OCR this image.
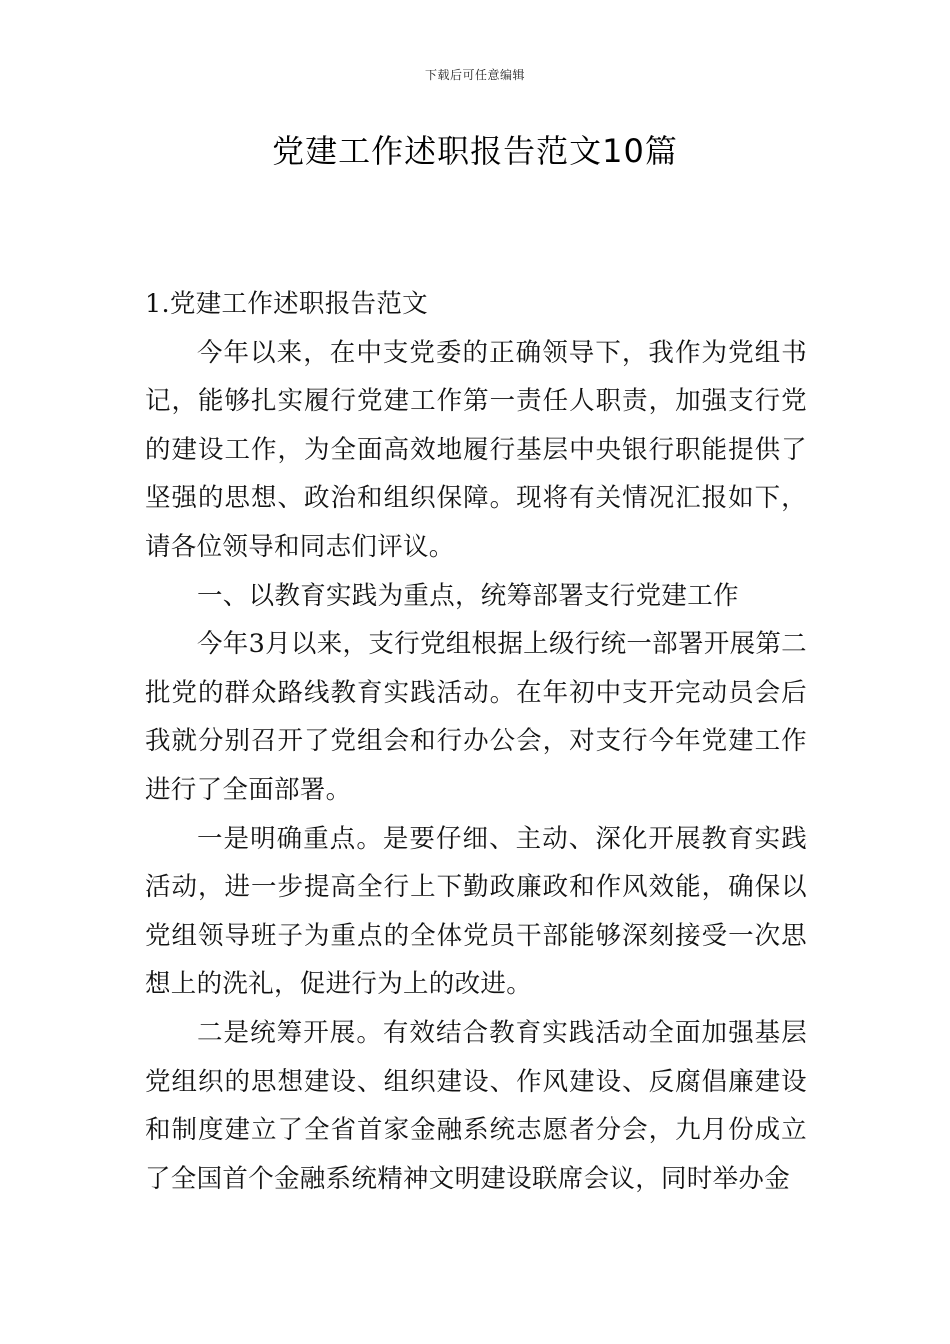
下载后可任意编辑
党建工作述职报告范文10篇

1.党建工作述职报告范文

今年以来，在中支党委的正确领导下，我作为党组书记，能够扎实履行党建工作第一责任人职责，加强支行党的建设工作，为全面高效地履行基层中央银行职能提供了坚强的思想、政治和组织保障。现将有关情况汇报如下，请各位领导和同志们评议。

一、以教育实践为重点，统筹部署支行党建工作

今年3月以来，支行党组根据上级行统一部署开展第二批党的群众路线教育实践活动。在年初中支开完动员会后我就分别召开了党组会和行办公会，对支行今年党建工作进行了全面部署。

一是明确重点。是要仔细、主动、深化开展教育实践活动，进一步提高全行上下勤政廉政和作风效能，确保以党组领导班子为重点的全体党员干部能够深刻接受一次思想上的洗礼，促进行为上的改进。

二是统筹开展。有效结合教育实践活动全面加强基层党组织的思想建设、组织建设、作风建设、反腐倡廉建设和制度建立了全省首家金融系统志愿者分会，九月份成立了全国首个金融系统精神文明建设联席会议，同时举办金
